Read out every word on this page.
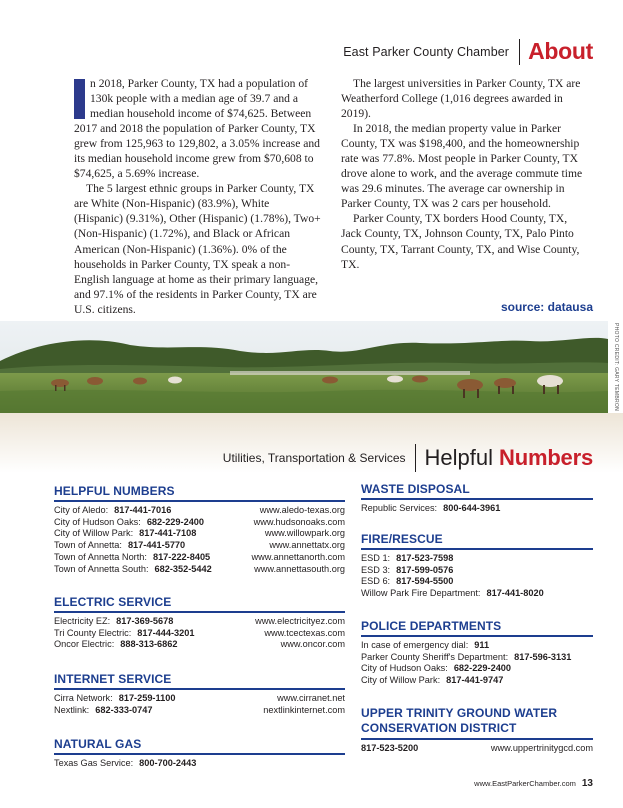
East Parker County Chamber About

n 2018, Parker County, TX had a population of 130k people with a median age of 39.7 and a median household income of $74,625. Between 2017 and 2018 the population of Parker County, TX grew from 125,963 to 129,802, a 3.05% increase and its median household income grew from $70,608 to $74,625, a 5.69% increase.

The 5 largest ethnic groups in Parker County, TX are White (Non-Hispanic) (83.9%), White (Hispanic) (9.31%), Other (Hispanic) (1.78%), Two+ (Non-Hispanic) (1.72%), and Black or African American (Non-Hispanic) (1.36%). 0% of the households in Parker County, TX speak a non-English language at home as their primary language, and 97.1% of the residents in Parker County, TX are U.S. citizens.

The largest universities in Parker County, TX are Weatherford College (1,016 degrees awarded in 2019).

In 2018, the median property value in Parker County, TX was $198,400, and the homeownership rate was 77.8%. Most people in Parker County, TX drove alone to work, and the average commute time was 29.6 minutes. The average car ownership in Parker County, TX was 2 cars per household.

Parker County, TX borders Hood County, TX, Jack County, TX, Johnson County, TX, Palo Pinto County, TX, Tarrant County, TX, and Wise County, TX.

source: datausa
PHOTO CREDIT: GARY TEMBRON
Utilities, Transportation & Services Helpful Numbers
HELPFUL NUMBERS
City of Aledo: 817-441-7016	www.aledo-texas.org
City of Hudson Oaks: 682-229-2400	www.hudsonoaks.com
City of Willow Park: 817-441-7108	www.willowpark.org
Town of Annetta: 817-441-5770	www.annettatx.org
Town of Annetta North: 817-222-8405	www.annettanorth.com
Town of Annetta South: 682-352-5442	www.annettasouth.org
ELECTRIC SERVICE
Electricity EZ: 817-369-5678	www.electricityez.com
Tri County Electric: 817-444-3201	www.tcectexas.com
Oncor Electric: 888-313-6862	www.oncor.com
INTERNET SERVICE
Cirra Network: 817-259-1100	www.cirranet.net
Nextlink: 682-333-0747	nextlinkinternet.com
NATURAL GAS
Texas Gas Service: 800-700-2443
WASTE DISPOSAL
Republic Services: 800-644-3961
FIRE/RESCUE
ESD 1: 817-523-7598
ESD 3: 817-599-0576
ESD 6: 817-594-5500
Willow Park Fire Department: 817-441-8020
POLICE DEPARTMENTS
In case of emergency dial: 911
Parker County Sheriff's Department: 817-596-3131
City of Hudson Oaks: 682-229-2400
City of Willow Park: 817-441-9747
UPPER TRINITY GROUND WATER
CONSERVATION DISTRICT
817-523-5200	www.uppertrinitygcd.com
www.EastParkerChamber.com 13
